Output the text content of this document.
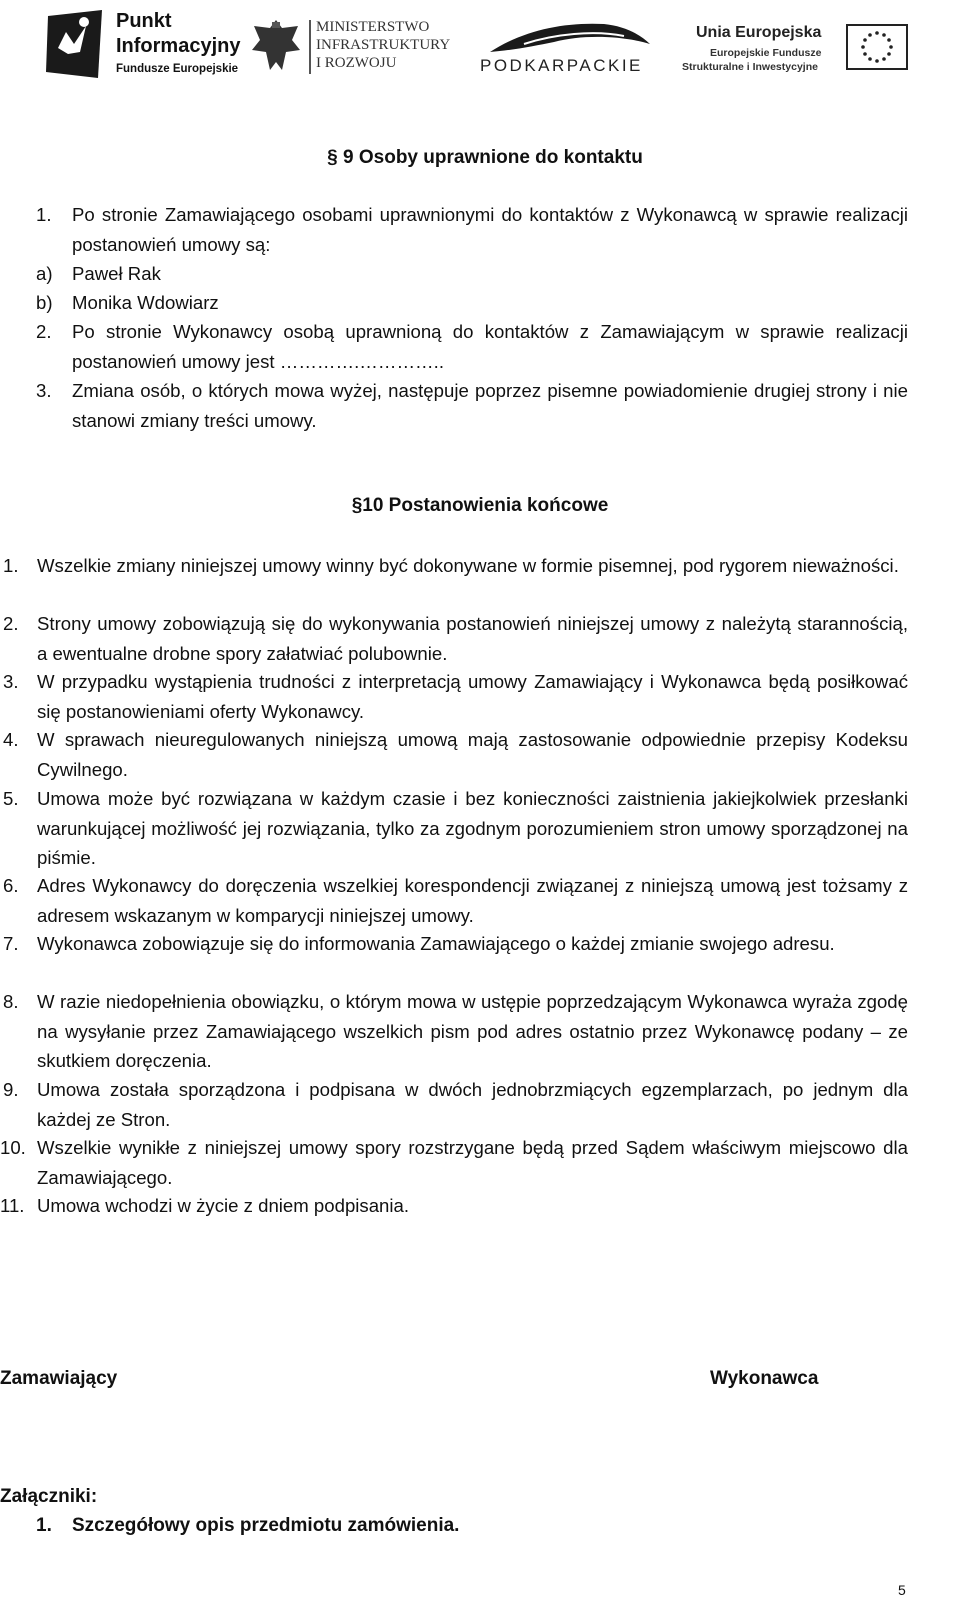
Punkt
Informacyjny
Fundusze Europejskie
MINISTERSTWO
INFRASTRUKTURY
I ROZWOJU	PODKARPACKIE
Unia Europejska
Europejskie Fundusze
Strukturalne i Inwestycyjne
§ 9 Osoby uprawnione do kontaktu
1. Po stronie Zamawiającego osobami uprawnionymi do kontaktów z Wykonawcą w sprawie realizacji postanowień umowy są:
a) Paweł Rak
b) Monika Wdowiarz
2. Po stronie Wykonawcy osobą uprawnioną do kontaktów z Zamawiającym w sprawie realizacji postanowień umowy jest ………….…………..
3. Zmiana osób, o których mowa wyżej, następuje poprzez pisemne powiadomienie drugiej strony i nie stanowi zmiany treści umowy.
§10 Postanowienia końcowe
1. Wszelkie zmiany niniejszej umowy winny być dokonywane w formie pisemnej, pod rygorem nieważności.
2. Strony umowy zobowiązują się do wykonywania postanowień niniejszej umowy z należytą starannością, a ewentualne drobne spory załatwiać polubownie.
3. W przypadku wystąpienia trudności z interpretacją umowy Zamawiający i Wykonawca będą posiłkować się postanowieniami oferty Wykonawcy.
4. W sprawach nieuregulowanych niniejszą umową mają zastosowanie odpowiednie przepisy Kodeksu Cywilnego.
5. Umowa może być rozwiązana w każdym czasie i bez konieczności zaistnienia jakiejkolwiek przesłanki warunkującej możliwość jej rozwiązania, tylko za zgodnym porozumieniem stron umowy sporządzonej na piśmie.
6. Adres Wykonawcy do doręczenia wszelkiej korespondencji związanej z niniejszą umową jest tożsamy z adresem wskazanym w komparycji niniejszej umowy.
7. Wykonawca zobowiązuje się do informowania Zamawiającego o każdej zmianie swojego adresu.
8. W razie niedopełnienia obowiązku, o którym mowa w ustępie poprzedzającym Wykonawca wyraża zgodę na wysyłanie przez Zamawiającego wszelkich pism pod adres ostatnio przez Wykonawcę podany – ze skutkiem doręczenia.
9. Umowa została sporządzona i podpisana w dwóch jednobrzmiących egzemplarzach, po jednym dla każdej ze Stron.
10. Wszelkie wynikłe z niniejszej umowy spory rozstrzygane będą przed Sądem właściwym miejscowo dla Zamawiającego.
11. Umowa wchodzi w życie z dniem podpisania.
Zamawiający	Wykonawca
Załączniki:
1. Szczegółowy opis przedmiotu zamówienia.
5
